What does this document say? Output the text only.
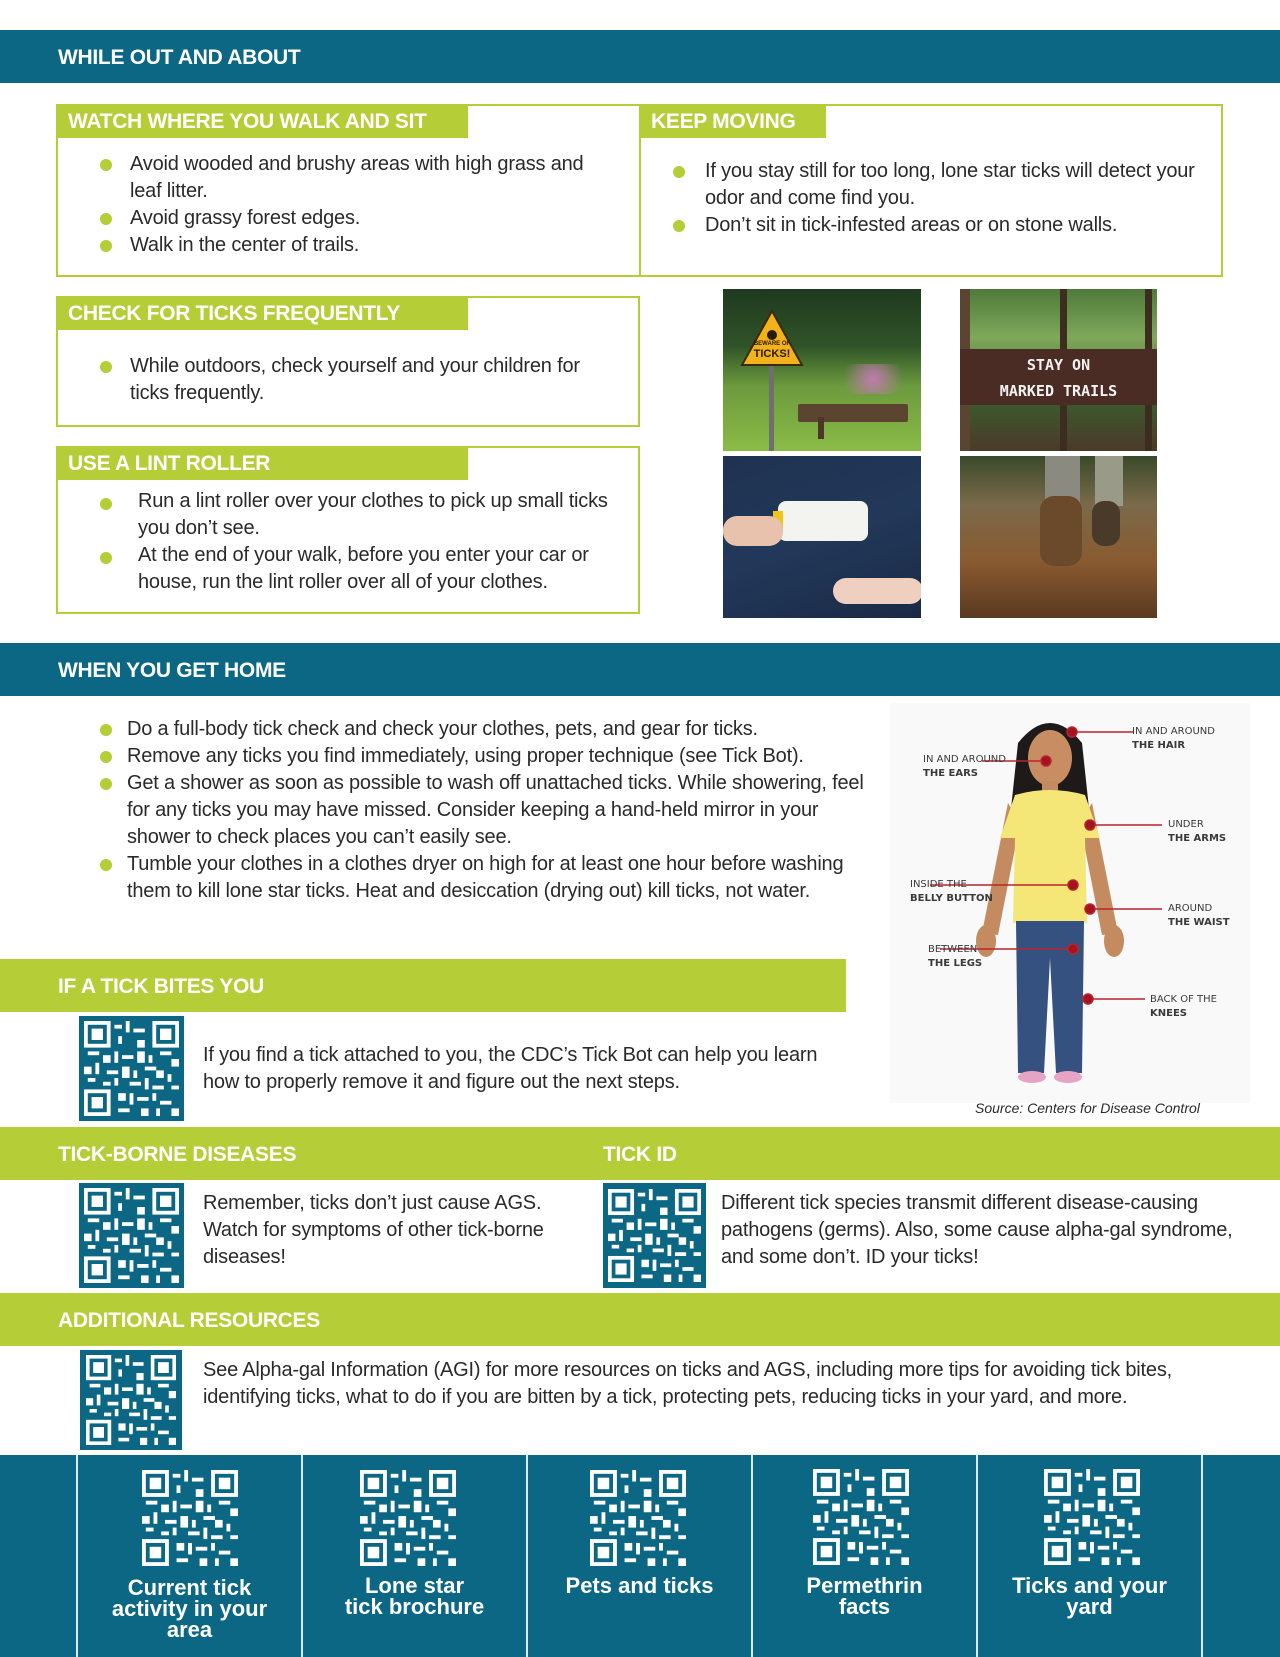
WHILE OUT AND ABOUT
WATCH WHERE YOU WALK AND SIT
Avoid wooded and brushy areas with high grass and leaf litter.
Avoid grassy forest edges.
Walk in the center of trails.
KEEP MOVING
If you stay still for too long, lone star ticks will detect your odor and come find you.
Don’t sit in tick-infested areas or on stone walls.
CHECK FOR TICKS FREQUENTLY
While outdoors, check yourself and your children for ticks frequently.
USE A LINT ROLLER
Run a lint roller over your clothes to pick up small ticks you don’t see.
At the end of your walk, before you enter your car or house, run the lint roller over all of your clothes.
BEWARE OF
TICKS!
STAY ON
MARKED TRAILS
WHEN YOU GET HOME
Do a full-body tick check and check your clothes, pets, and gear for ticks.
Remove any ticks you find immediately, using proper technique (see Tick Bot).
Get a shower as soon as possible to wash off unattached ticks. While showering, feel for any ticks you may have missed. Consider keeping a hand-held mirror in your shower to check places you can’t easily see.
Tumble your clothes in a clothes dryer on high for at least one hour before washing them to kill lone star ticks. Heat and desiccation (drying out) kill ticks, not water.
IN AND AROUND
THE HAIR
IN AND AROUND
THE EARS
UNDER
THE ARMS
INSIDE THE
BELLY BUTTON
AROUND
THE WAIST
BETWEEN
THE LEGS
BACK OF THE
KNEES
Source: Centers for Disease Control
IF A TICK BITES YOU
If you find a tick attached to you, the CDC’s Tick Bot can help you learn how to properly remove it and figure out the next steps.
TICK-BORNE DISEASES	TICK ID
Remember, ticks don’t just cause AGS. Watch for symptoms of other tick-borne diseases!
Different tick species transmit different disease-causing pathogens (germs). Also, some cause alpha-gal syndrome, and some don’t. ID your ticks!
ADDITIONAL RESOURCES
See Alpha-gal Information (AGI) for more resources on ticks and AGS, including more tips for avoiding tick bites, identifying ticks, what to do if you are bitten by a tick, protecting pets, reducing ticks in your yard, and more.
Current tick activity in your area
Lone star tick brochure
Pets and ticks	Permethrin facts
Ticks and your yard
